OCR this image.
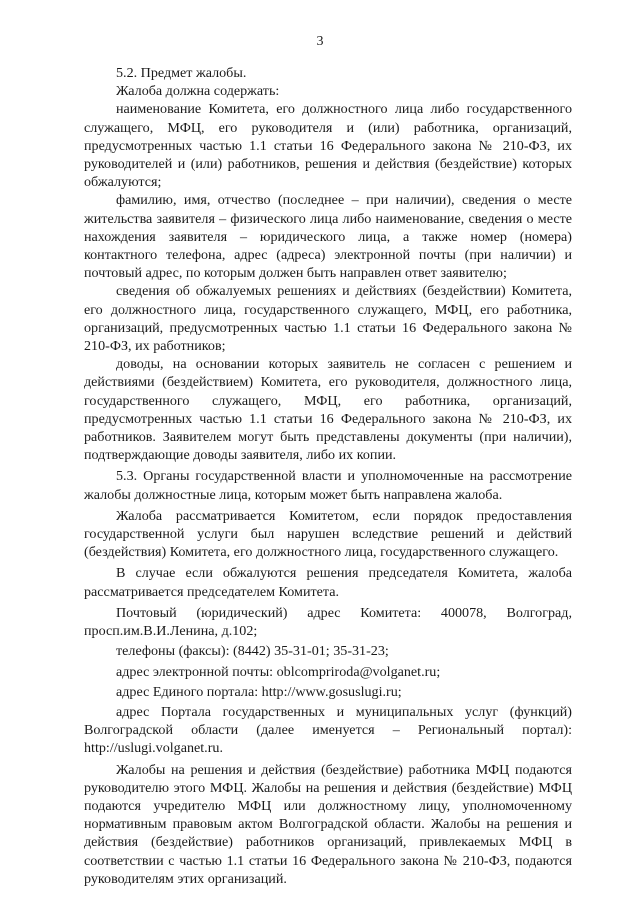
3

5.2. Предмет жалобы.

Жалоба должна содержать:

наименование Комитета, его должностного лица либо государственного служащего, МФЦ, его руководителя и (или) работника, организаций, предусмотренных частью 1.1 статьи 16 Федерального закона № 210-ФЗ, их руководителей и (или) работников, решения и действия (бездействие) которых обжалуются;

фамилию, имя, отчество (последнее – при наличии), сведения о месте жительства заявителя – физического лица либо наименование, сведения о месте нахождения заявителя – юридического лица, а также номер (номера) контактного телефона, адрес (адреса) электронной почты (при наличии) и почтовый адрес, по которым должен быть направлен ответ заявителю;

сведения об обжалуемых решениях и действиях (бездействии) Комитета, его должностного лица, государственного служащего, МФЦ, его работника, организаций, предусмотренных частью 1.1 статьи 16 Федерального закона № 210-ФЗ, их работников;

доводы, на основании которых заявитель не согласен с решением и действиями (бездействием) Комитета, его руководителя, должностного лица, государственного служащего, МФЦ, его работника, организаций, предусмотренных частью 1.1 статьи 16 Федерального закона № 210-ФЗ, их работников. Заявителем могут быть представлены документы (при наличии), подтверждающие доводы заявителя, либо их копии.

5.3. Органы государственной власти и уполномоченные на рассмотрение жалобы должностные лица, которым может быть направлена жалоба.

Жалоба рассматривается Комитетом, если порядок предоставления государственной услуги был нарушен вследствие решений и действий (бездействия) Комитета, его должностного лица, государственного служащего.

В случае если обжалуются решения председателя Комитета, жалоба рассматривается председателем Комитета.

Почтовый (юридический) адрес Комитета: 400078, Волгоград, просп.им.В.И.Ленина, д.102;

телефоны (факсы): (8442) 35-31-01; 35-31-23;

адрес электронной почты: oblcompriroda@volganet.ru;

адрес Единого портала: http://www.gosuslugi.ru;

адрес Портала государственных и муниципальных услуг (функций) Волгоградской области (далее именуется – Региональный портал): http://uslugi.volganet.ru.

Жалобы на решения и действия (бездействие) работника МФЦ подаются руководителю этого МФЦ. Жалобы на решения и действия (бездействие) МФЦ подаются учредителю МФЦ или должностному лицу, уполномоченному нормативным правовым актом Волгоградской области. Жалобы на решения и действия (бездействие) работников организаций, привлекаемых МФЦ в соответствии с частью 1.1 статьи 16 Федерального закона № 210-ФЗ, подаются руководителям этих организаций.
